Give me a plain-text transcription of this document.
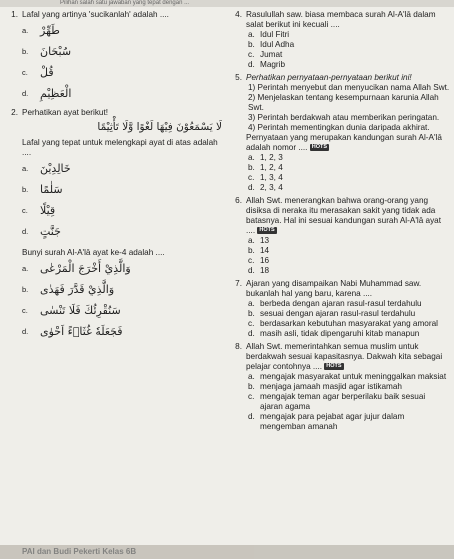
Pilihan salah satu jawaban yang tepat dengan ...
1. Lafal yang artinya 'sucikanlah' adalah ....
a.	طَهِّرْ
b.	سُبْحَانَ
c.	قُلْ
d.	الْعَظِيْمِ
2. Perhatikan ayat berikut!
لَا يَسْمَعُوْنَ فِيْهَا لَغْوًا وَّلَا تَأْثِيْمًا
Lafal yang tepat untuk melengkapi ayat di atas adalah ....
a.	خَالِدِيْنَ
b.	سَلٰمًا
c.	قِيْلًا
d.	جَنَّتٍ
Bunyi surah Al-A'lā ayat ke-4 adalah ....
a.	وَالَّذِيْ أَخْرَجَ الْمَرْعٰى
b.	وَالَّذِيْ قَدَّرَ فَهَدٰى
c.	سَنُقْرِئُكَ فَلَا تَنْسٰى
d.	فَجَعَلَهٗ غُثَاۤءً اَحْوٰى
4. Rasulullah saw. biasa membaca surah Al-A'lā dalam salat berikut ini kecuali ....
a. Idul Fitri
b. Idul Adha
c. Jumat
d. Magrib
5. Perhatikan pernyataan-pernyataan berikut ini!
1) Perintah menyebut dan menyucikan nama Allah Swt.
2) Menjelaskan tentang kesempurnaan karunia Allah Swt.
3) Perintah berdakwah atau memberikan peringatan.
4) Perintah mementingkan dunia daripada akhirat.
Pernyataan yang merupakan kandungan surah Al-A'lā adalah nomor .... HOTS
a. 1, 2, 3
b. 1, 2, 4
c. 1, 3, 4
d. 2, 3, 4
6. Allah Swt. menerangkan bahwa orang-orang yang disiksa di neraka itu merasakan sakit yang tidak ada batasnya. Hal ini sesuai kandungan surah Al-A'lā ayat .... HOTS
a. 13
b. 14
c. 16
d. 18
7. Ajaran yang disampaikan Nabi Muhammad saw. bukanlah hal yang baru, karena ....
a. berbeda dengan ajaran rasul-rasul terdahulu
b. sesuai dengan ajaran rasul-rasul terdahulu
c. berdasarkan kebutuhan masyarakat yang amoral
d. masih asli, tidak dipengaruhi kitab manapun
8. Allah Swt. memerintahkan semua muslim untuk berdakwah sesuai kapasitasnya. Dakwah kita sebagai pelajar contohnya .... HOTS
a. mengajak masyarakat untuk meninggalkan maksiat
b. menjaga jamaah masjid agar istikamah
c. mengajak teman agar berperilaku baik sesuai ajaran agama
d. mengajak para pejabat agar jujur dalam mengemban amanah
PAI dan Budi Pekerti Kelas 6B
